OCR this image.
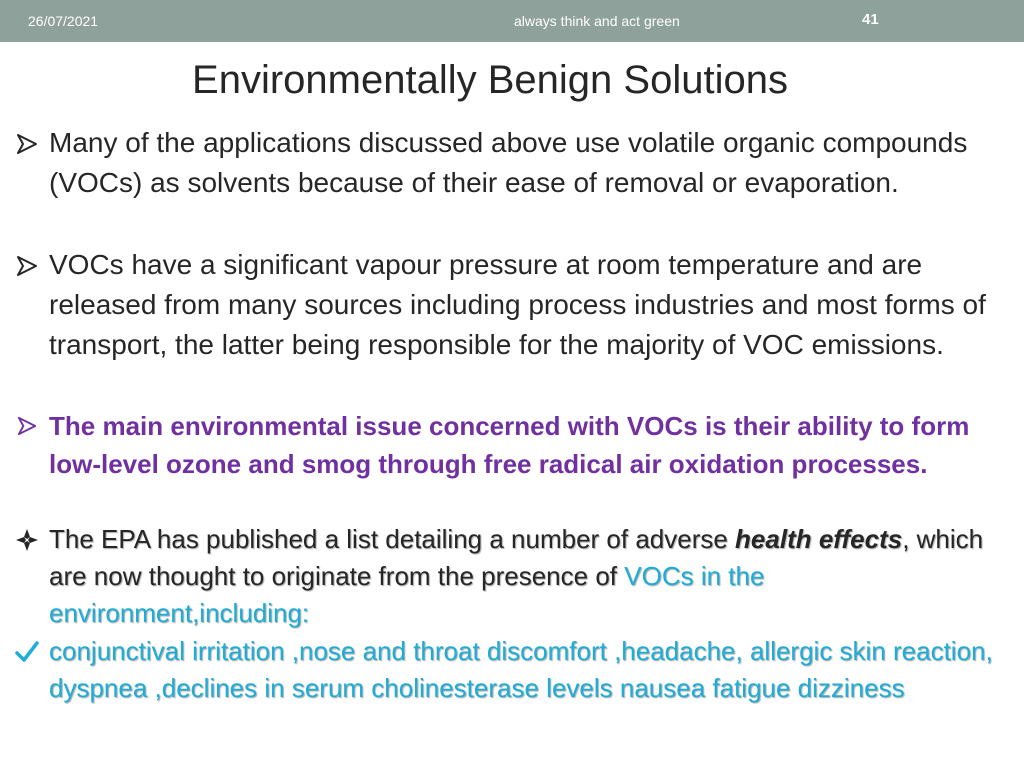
26/07/2021	always think and act green	41
Environmentally Benign Solutions
Many of the applications discussed above use volatile organic compounds (VOCs) as solvents because of their ease of removal or evaporation.
VOCs have a significant vapour pressure at room temperature and are released from many sources including process industries and most forms of transport, the latter being responsible for the majority of VOC emissions.
The main environmental issue concerned with VOCs is their ability to form low-level ozone and smog through free radical air oxidation processes.
The EPA has published a list detailing a number of adverse health effects, which are now thought to originate from the presence of VOCs in the environment,including:
conjunctival irritation ,nose and throat discomfort ,headache, allergic skin reaction, dyspnea ,declines in serum cholinesterase levels nausea fatigue dizziness
